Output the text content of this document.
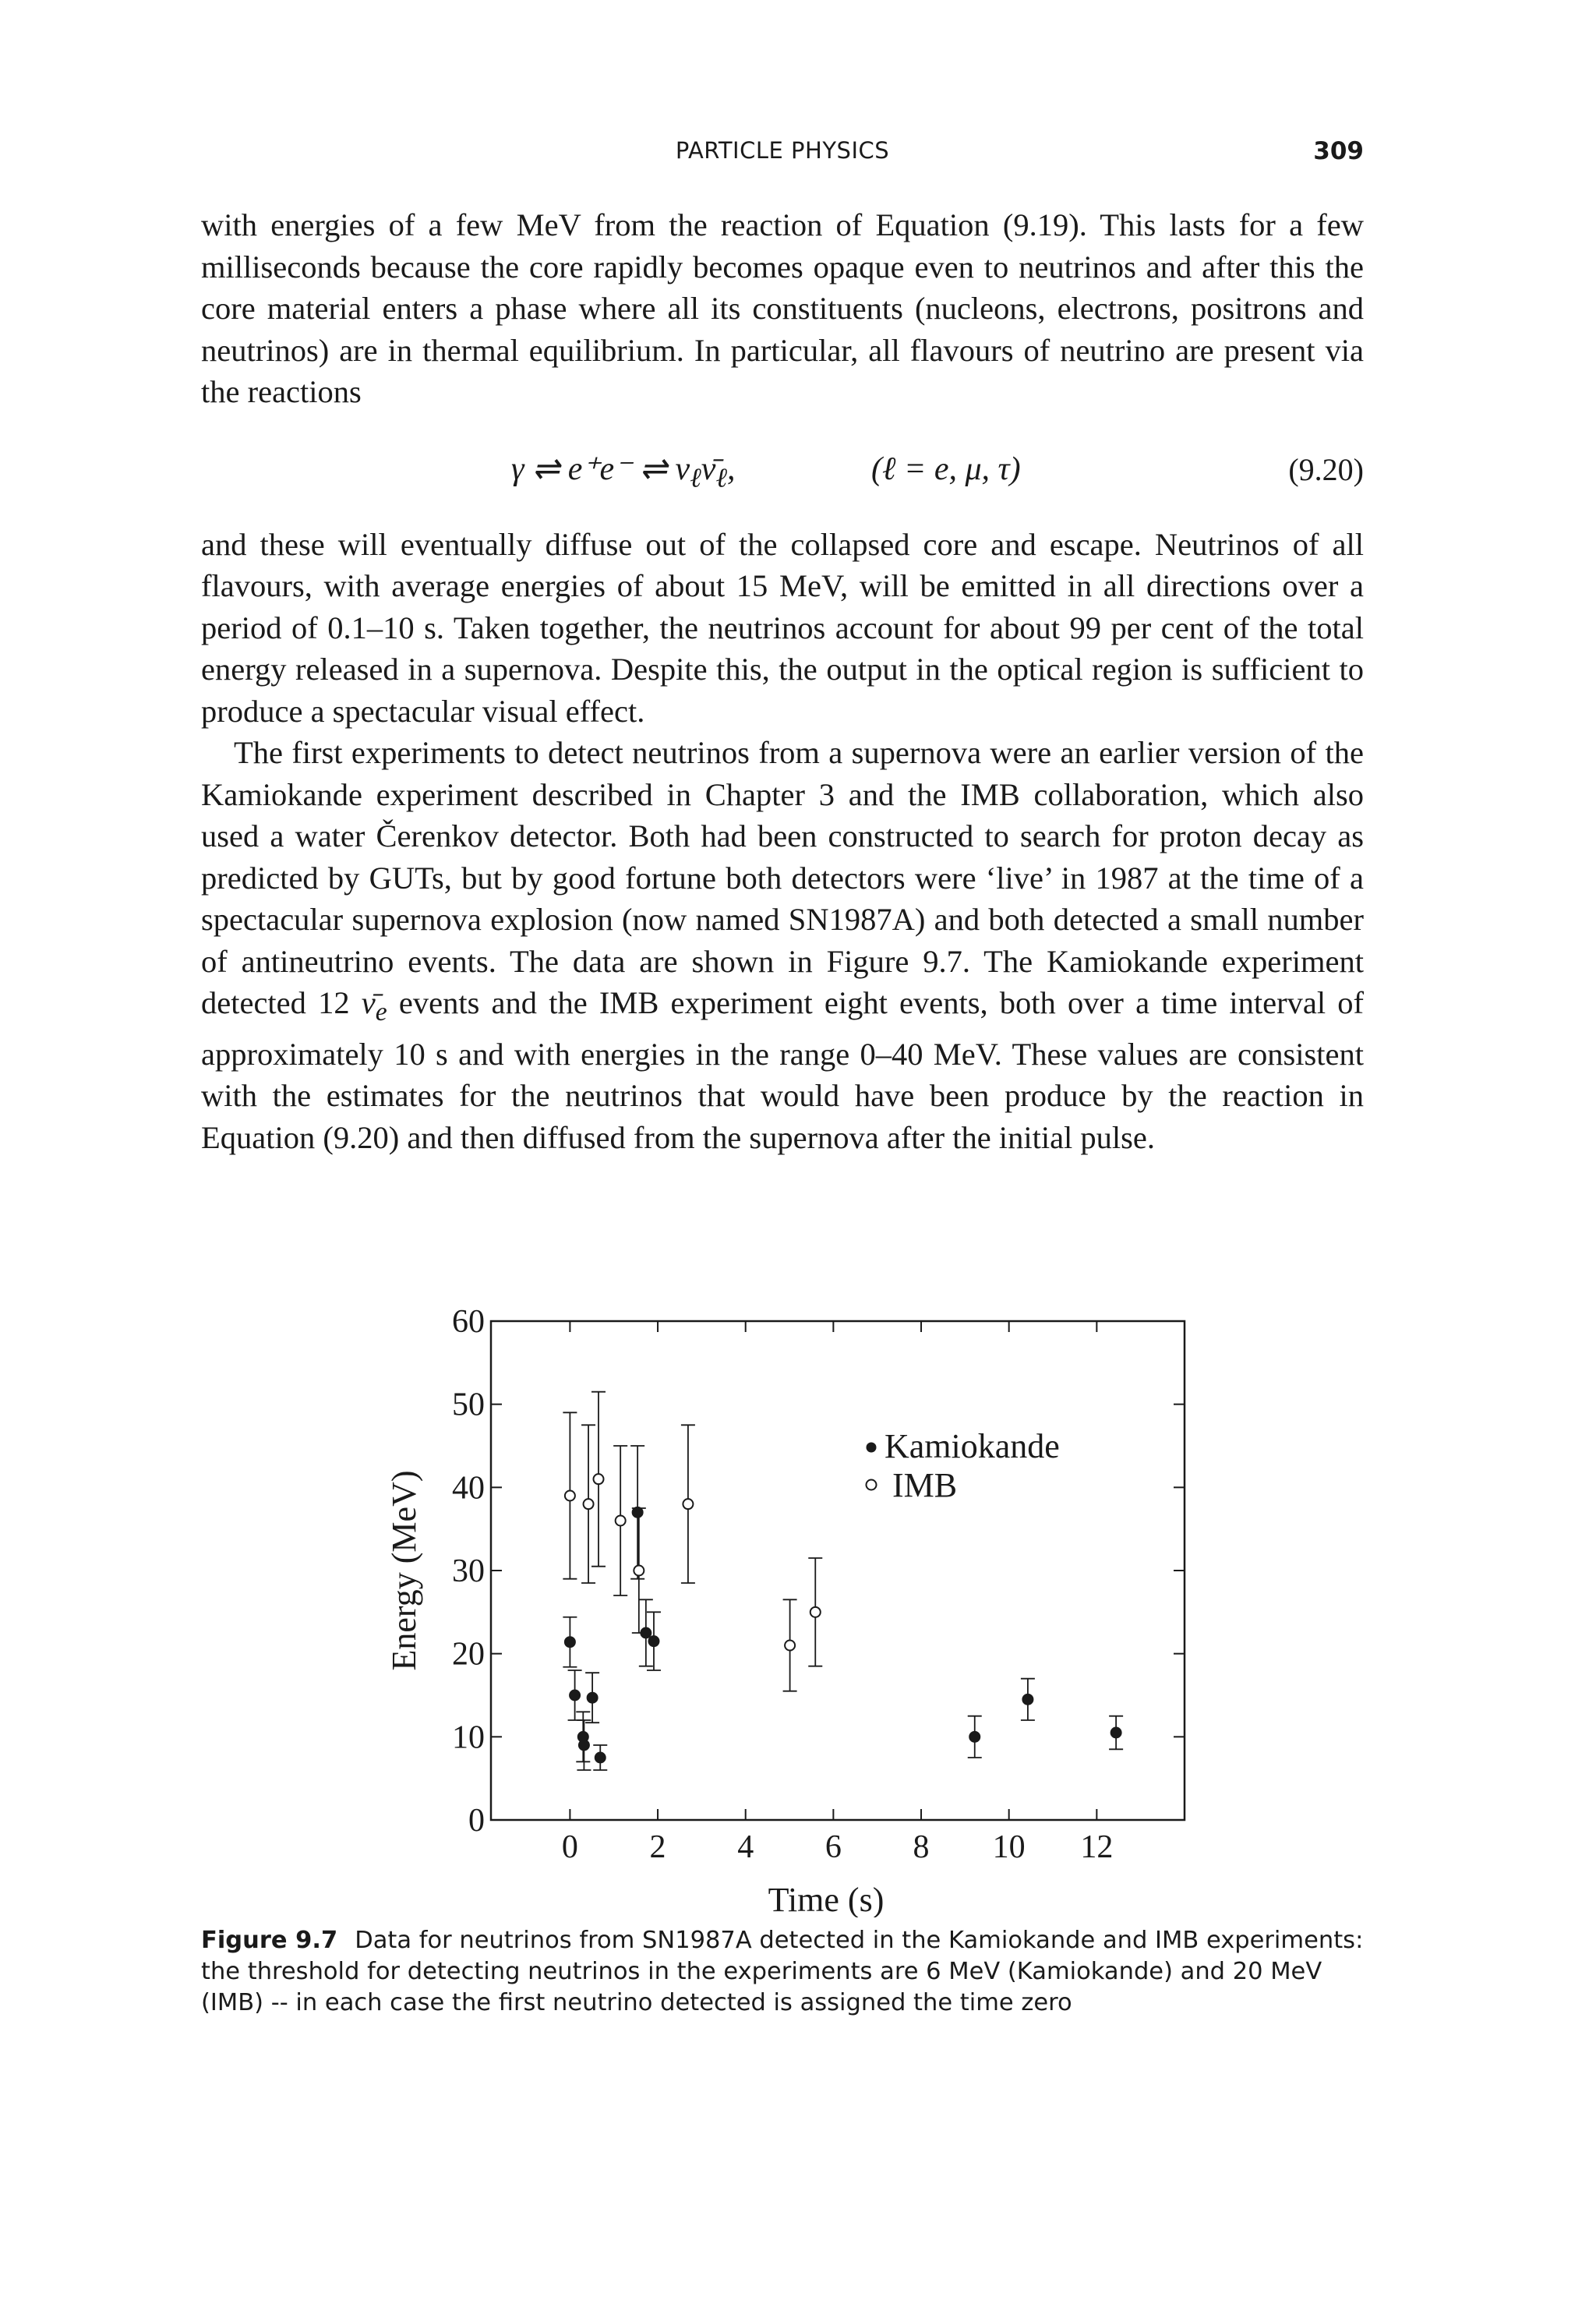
PARTICLE PHYSICS	309

with energies of a few MeV from the reaction of Equation (9.19). This lasts for a few milliseconds because the core rapidly becomes opaque even to neutrinos and after this the core material enters a phase where all its constituents (nucleons, electrons, positrons and neutrinos) are in thermal equilibrium. In particular, all flavours of neutrino are present via the reactions

γ ⇌ e⁺e⁻ ⇌ $\nu_\ell\nū_\ell$,	(ℓ = e, μ, τ)	(9.20)

and these will eventually diffuse out of the collapsed core and escape. Neutrinos of all flavours, with average energies of about 15 MeV, will be emitted in all directions over a period of 0.1–10 s. Taken together, the neutrinos account for about 99 per cent of the total energy released in a supernova. Despite this, the output in the optical region is sufficient to produce a spectacular visual effect.

The first experiments to detect neutrinos from a supernova were an earlier version of the Kamiokande experiment described in Chapter 3 and the IMB collaboration, which also used a water Čerenkov detector. Both had been constructed to search for proton decay as predicted by GUTs, but by good fortune both detectors were ‘live’ in 1987 at the time of a spectacular supernova explosion (now named SN1987A) and both detected a small number of antineutrino events. The data are shown in Figure 9.7. The Kamiokande experiment detected 12 $\nū_e$ events and the IMB experiment eight events, both over a time interval of approximately 10 s and with energies in the range 0–40 MeV. These values are consistent with the estimates for the neutrinos that would have been produce by the reaction in Equation (9.20) and then diffused from the supernova after the initial pulse.

0
10
20
30
40
50
60
0 2 4 6 8 10 12
Kamiokande
IMB
Time (s)
Energy (MeV)
Figure 9.7 Data for neutrinos from SN1987A detected in the Kamiokande and IMB experiments: the threshold for detecting neutrinos in the experiments are 6 MeV (Kamiokande) and 20 MeV (IMB) -- in each case the first neutrino detected is assigned the time zero
